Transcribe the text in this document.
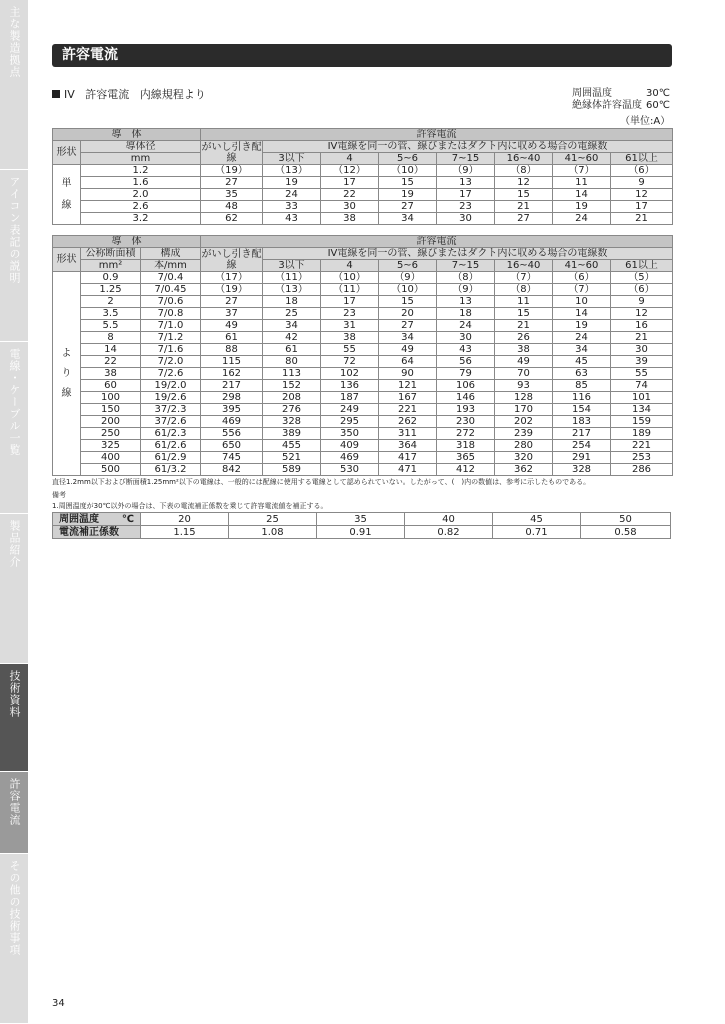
主な製造拠点
アイコン表記の説明
電線・ケーブル一覧
製品紹介
技術資料
許容電流
その他の技術事項
許容電流
IV 許容電流 内線規程より	周囲温度	30℃
絶縁体許容温度 60℃
（単位:A）
導　体		許容電流							
形状	導体径	がいし引き配線	IV電線を同一の管、線びまたはダクト内に収める場合の電線数						
	mm		3以下	4	5~6	7~15	16~40	41~60	61以上

単
線	1.2	（19）	（13）	（12）	（10）	（9）	（8）	（7）	（6）
	1.6	27	19	17	15	13	12	11	9
	2.0	35	24	22	19	17	15	14	12
	2.6	48	33	30	27	23	21	19	17
	3.2	62	43	38	34	30	27	24	21
導　体			許容電流							
形状	公称断面積	構成	がいし引き配線	IV電線を同一の管、線びまたはダクト内に収める場合の電線数						
	mm²	本/mm		3以下	4	5~6	7~15	16~40	41~60	61以上

よ
り
線	0.9	7/0.4	（17）	（11）	（10）	（9）	（8）	（7）	（6）	（5）
	1.25	7/0.45	（19）	（13）	（11）	（10）	（9）	（8）	（7）	（6）
	2	7/0.6	27	18	17	15	13	11	10	9
	3.5	7/0.8	37	25	23	20	18	15	14	12
	5.5	7/1.0	49	34	31	27	24	21	19	16
	8	7/1.2	61	42	38	34	30	26	24	21
	14	7/1.6	88	61	55	49	43	38	34	30
	22	7/2.0	115	80	72	64	56	49	45	39
	38	7/2.6	162	113	102	90	79	70	63	55
	60	19/2.0	217	152	136	121	106	93	85	74
	100	19/2.6	298	208	187	167	146	128	116	101
	150	37/2.3	395	276	249	221	193	170	154	134
	200	37/2.6	469	328	295	262	230	202	183	159
	250	61/2.3	556	389	350	311	272	239	217	189
	325	61/2.6	650	455	409	364	318	280	254	221
	400	61/2.9	745	521	469	417	365	320	291	253
	500	61/3.2	842	589	530	471	412	362	328	286
直径1.2mm以下および断面積1.25mm²以下の電線は、一般的には配線に使用する電線として認められていない。したがって、(　)内の数値は、参考に示したものである。
備考
1.周囲温度が30℃以外の場合は、下表の電流補正係数を乗じて許容電流値を補正する。
周囲温度 ℃	20	25	35	40	45	50
電流補正係数	1.15	1.08	0.91	0.82	0.71	0.58
34
